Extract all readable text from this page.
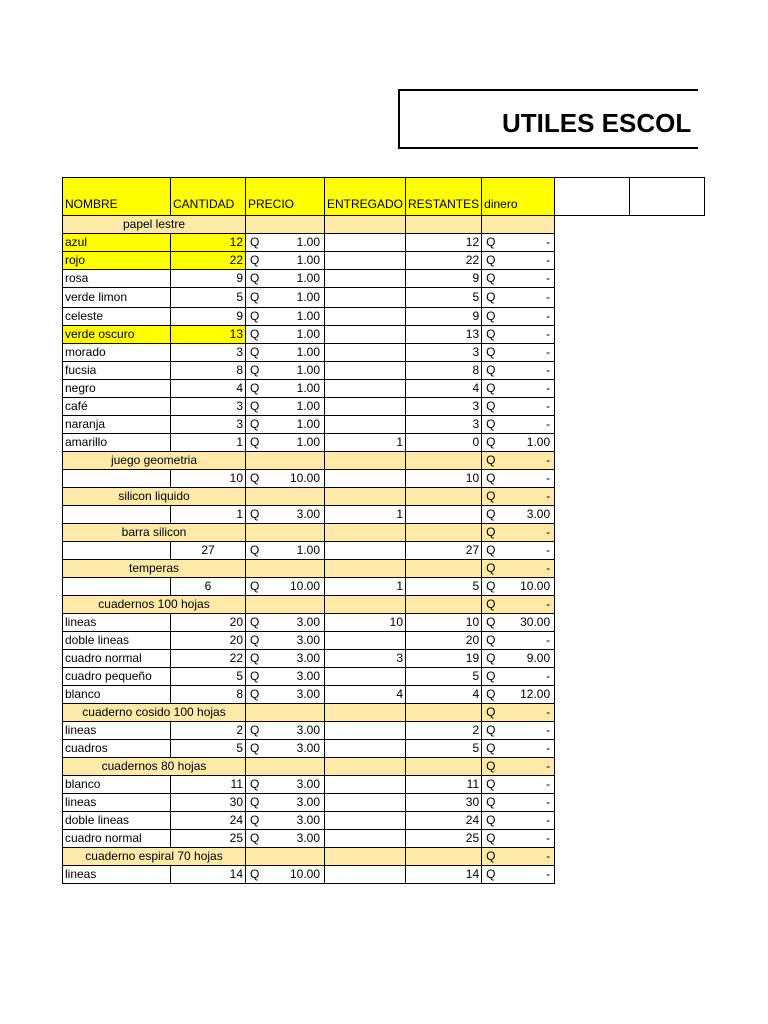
UTILES ESCOL
NOMBRE	CANTIDAD	PRECIO	ENTREGADO	RESTANTES	dinero		
papel lestre							
azul	12	Q 1.00		12	Q -		

rojo	22	Q 1.00		22	Q -		

rosa	9	Q 1.00		9	Q -		

verde limon	5	Q 1.00		5	Q -		

celeste	9	Q 1.00		9	Q -		

verde oscuro	13	Q 1.00		13	Q -		

morado	3	Q 1.00		3	Q -		

fucsia	8	Q 1.00		8	Q -		

negro	4	Q 1.00		4	Q -		

café	3	Q 1.00		3	Q -		

naranja	3	Q 1.00		3	Q -		

amarillo	1	Q 1.00	1	0	Q 1.00		

juego geometria					Q -		

	10	Q 10.00		10	Q -		

silicon liquido					Q -		

	1	Q 3.00	1		Q 3.00		

barra silicon					Q -		

	27	Q 1.00		27	Q -		

temperas					Q -		

	6	Q 10.00	1	5	Q 10.00		

cuadernos 100 hojas					Q -		

lineas	20	Q 3.00	10	10	Q 30.00		

doble lineas	20	Q 3.00		20	Q -		

cuadro normal	22	Q 3.00	3	19	Q 9.00		

cuadro pequeño	5	Q 3.00		5	Q -		

blanco	8	Q 3.00	4	4	Q 12.00		

cuaderno cosido 100 hojas					Q -		

lineas	2	Q 3.00		2	Q -		

cuadros	5	Q 3.00		5	Q -		

cuadernos 80 hojas					Q -		

blanco	11	Q 3.00		11	Q -		

lineas	30	Q 3.00		30	Q -		

doble lineas	24	Q 3.00		24	Q -		

cuadro normal	25	Q 3.00		25	Q -		

cuaderno espiral 70 hojas					Q -		

lineas	14	Q 10.00		14	Q -		
